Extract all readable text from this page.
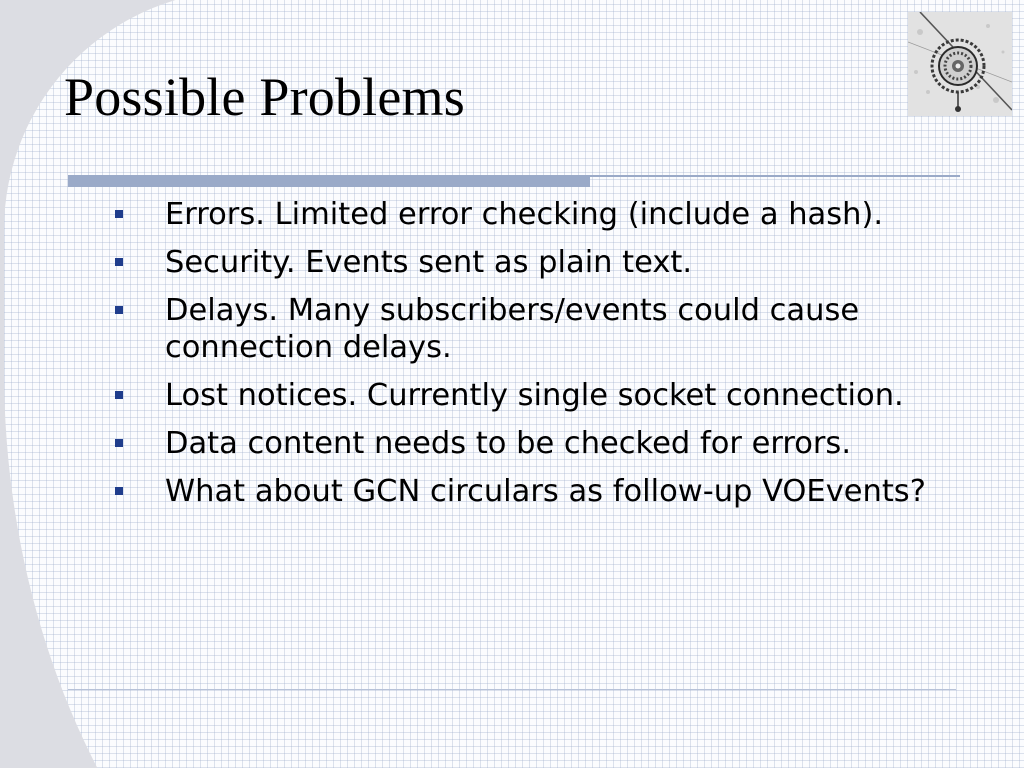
Possible Problems
Errors. Limited error checking (include a hash).
Security. Events sent as plain text.
Delays. Many subscribers/events could cause connection delays.
Lost notices. Currently single socket connection.
Data content needs to be checked for errors.
What about GCN circulars as follow-up VOEvents?
